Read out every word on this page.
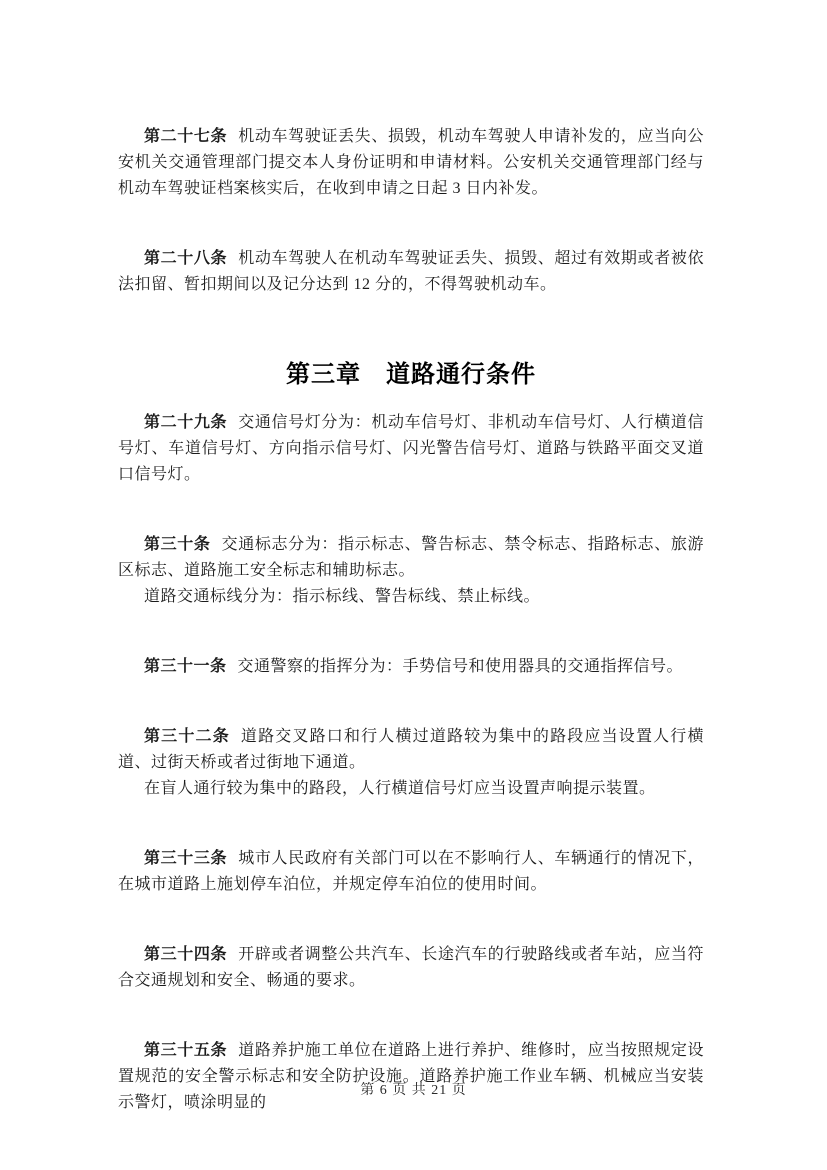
第二十七条 机动车驾驶证丢失、损毁，机动车驾驶人申请补发的，应当向公安机关交通管理部门提交本人身份证明和申请材料。公安机关交通管理部门经与机动车驾驶证档案核实后，在收到申请之日起 3 日内补发。

第二十八条 机动车驾驶人在机动车驾驶证丢失、损毁、超过有效期或者被依法扣留、暂扣期间以及记分达到 12 分的，不得驾驶机动车。

第三章　道路通行条件

第二十九条 交通信号灯分为：机动车信号灯、非机动车信号灯、人行横道信号灯、车道信号灯、方向指示信号灯、闪光警告信号灯、道路与铁路平面交叉道口信号灯。

第三十条 交通标志分为：指示标志、警告标志、禁令标志、指路标志、旅游区标志、道路施工安全标志和辅助标志。

道路交通标线分为：指示标线、警告标线、禁止标线。

第三十一条 交通警察的指挥分为：手势信号和使用器具的交通指挥信号。

第三十二条 道路交叉路口和行人横过道路较为集中的路段应当设置人行横道、过街天桥或者过街地下通道。

在盲人通行较为集中的路段，人行横道信号灯应当设置声响提示装置。

第三十三条 城市人民政府有关部门可以在不影响行人、车辆通行的情况下，在城市道路上施划停车泊位，并规定停车泊位的使用时间。

第三十四条 开辟或者调整公共汽车、长途汽车的行驶路线或者车站，应当符合交通规划和安全、畅通的要求。

第三十五条 道路养护施工单位在道路上进行养护、维修时，应当按照规定设置规范的安全警示标志和安全防护设施。道路养护施工作业车辆、机械应当安装示警灯，喷涂明显的

第 6 页 共 21 页
